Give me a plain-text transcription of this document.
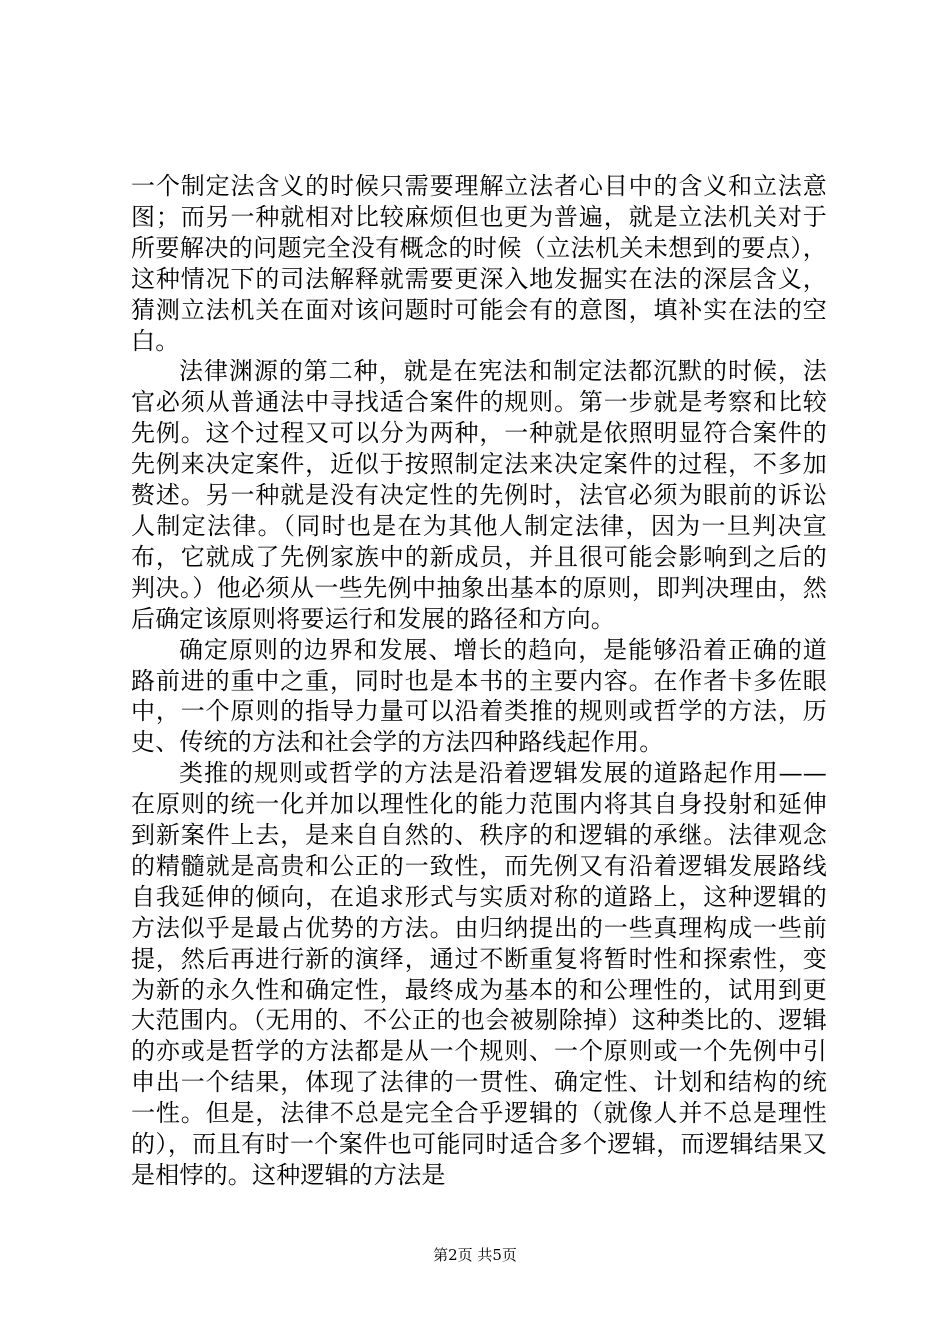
一个制定法含义的时候只需要理解立法者心目中的含义和立法意图；而另一种就相对比较麻烦但也更为普遍，就是立法机关对于所要解决的问题完全没有概念的时候（立法机关未想到的要点），这种情况下的司法解释就需要更深入地发掘实在法的深层含义，猜测立法机关在面对该问题时可能会有的意图，填补实在法的空白。

法律渊源的第二种，就是在宪法和制定法都沉默的时候，法官必须从普通法中寻找适合案件的规则。第一步就是考察和比较先例。这个过程又可以分为两种，一种就是依照明显符合案件的先例来决定案件，近似于按照制定法来决定案件的过程，不多加赘述。另一种就是没有决定性的先例时，法官必须为眼前的诉讼人制定法律。（同时也是在为其他人制定法律，因为一旦判决宣布，它就成了先例家族中的新成员，并且很可能会影响到之后的判决。）他必须从一些先例中抽象出基本的原则，即判决理由，然后确定该原则将要运行和发展的路径和方向。

确定原则的边界和发展、增长的趋向，是能够沿着正确的道路前进的重中之重，同时也是本书的主要内容。在作者卡多佐眼中，一个原则的指导力量可以沿着类推的规则或哲学的方法，历史、传统的方法和社会学的方法四种路线起作用。

类推的规则或哲学的方法是沿着逻辑发展的道路起作用——在原则的统一化并加以理性化的能力范围内将其自身投射和延伸到新案件上去，是来自自然的、秩序的和逻辑的承继。法律观念的精髓就是高贵和公正的一致性，而先例又有沿着逻辑发展路线自我延伸的倾向，在追求形式与实质对称的道路上，这种逻辑的方法似乎是最占优势的方法。由归纳提出的一些真理构成一些前提，然后再进行新的演绎，通过不断重复将暂时性和探索性，变为新的永久性和确定性，最终成为基本的和公理性的，试用到更大范围内。（无用的、不公正的也会被剔除掉）这种类比的、逻辑的亦或是哲学的方法都是从一个规则、一个原则或一个先例中引申出一个结果，体现了法律的一贯性、确定性、计划和结构的统一性。但是，法律不总是完全合乎逻辑的（就像人并不总是理性的），而且有时一个案件也可能同时适合多个逻辑，而逻辑结果又是相悖的。这种逻辑的方法是

第2页 共5页
